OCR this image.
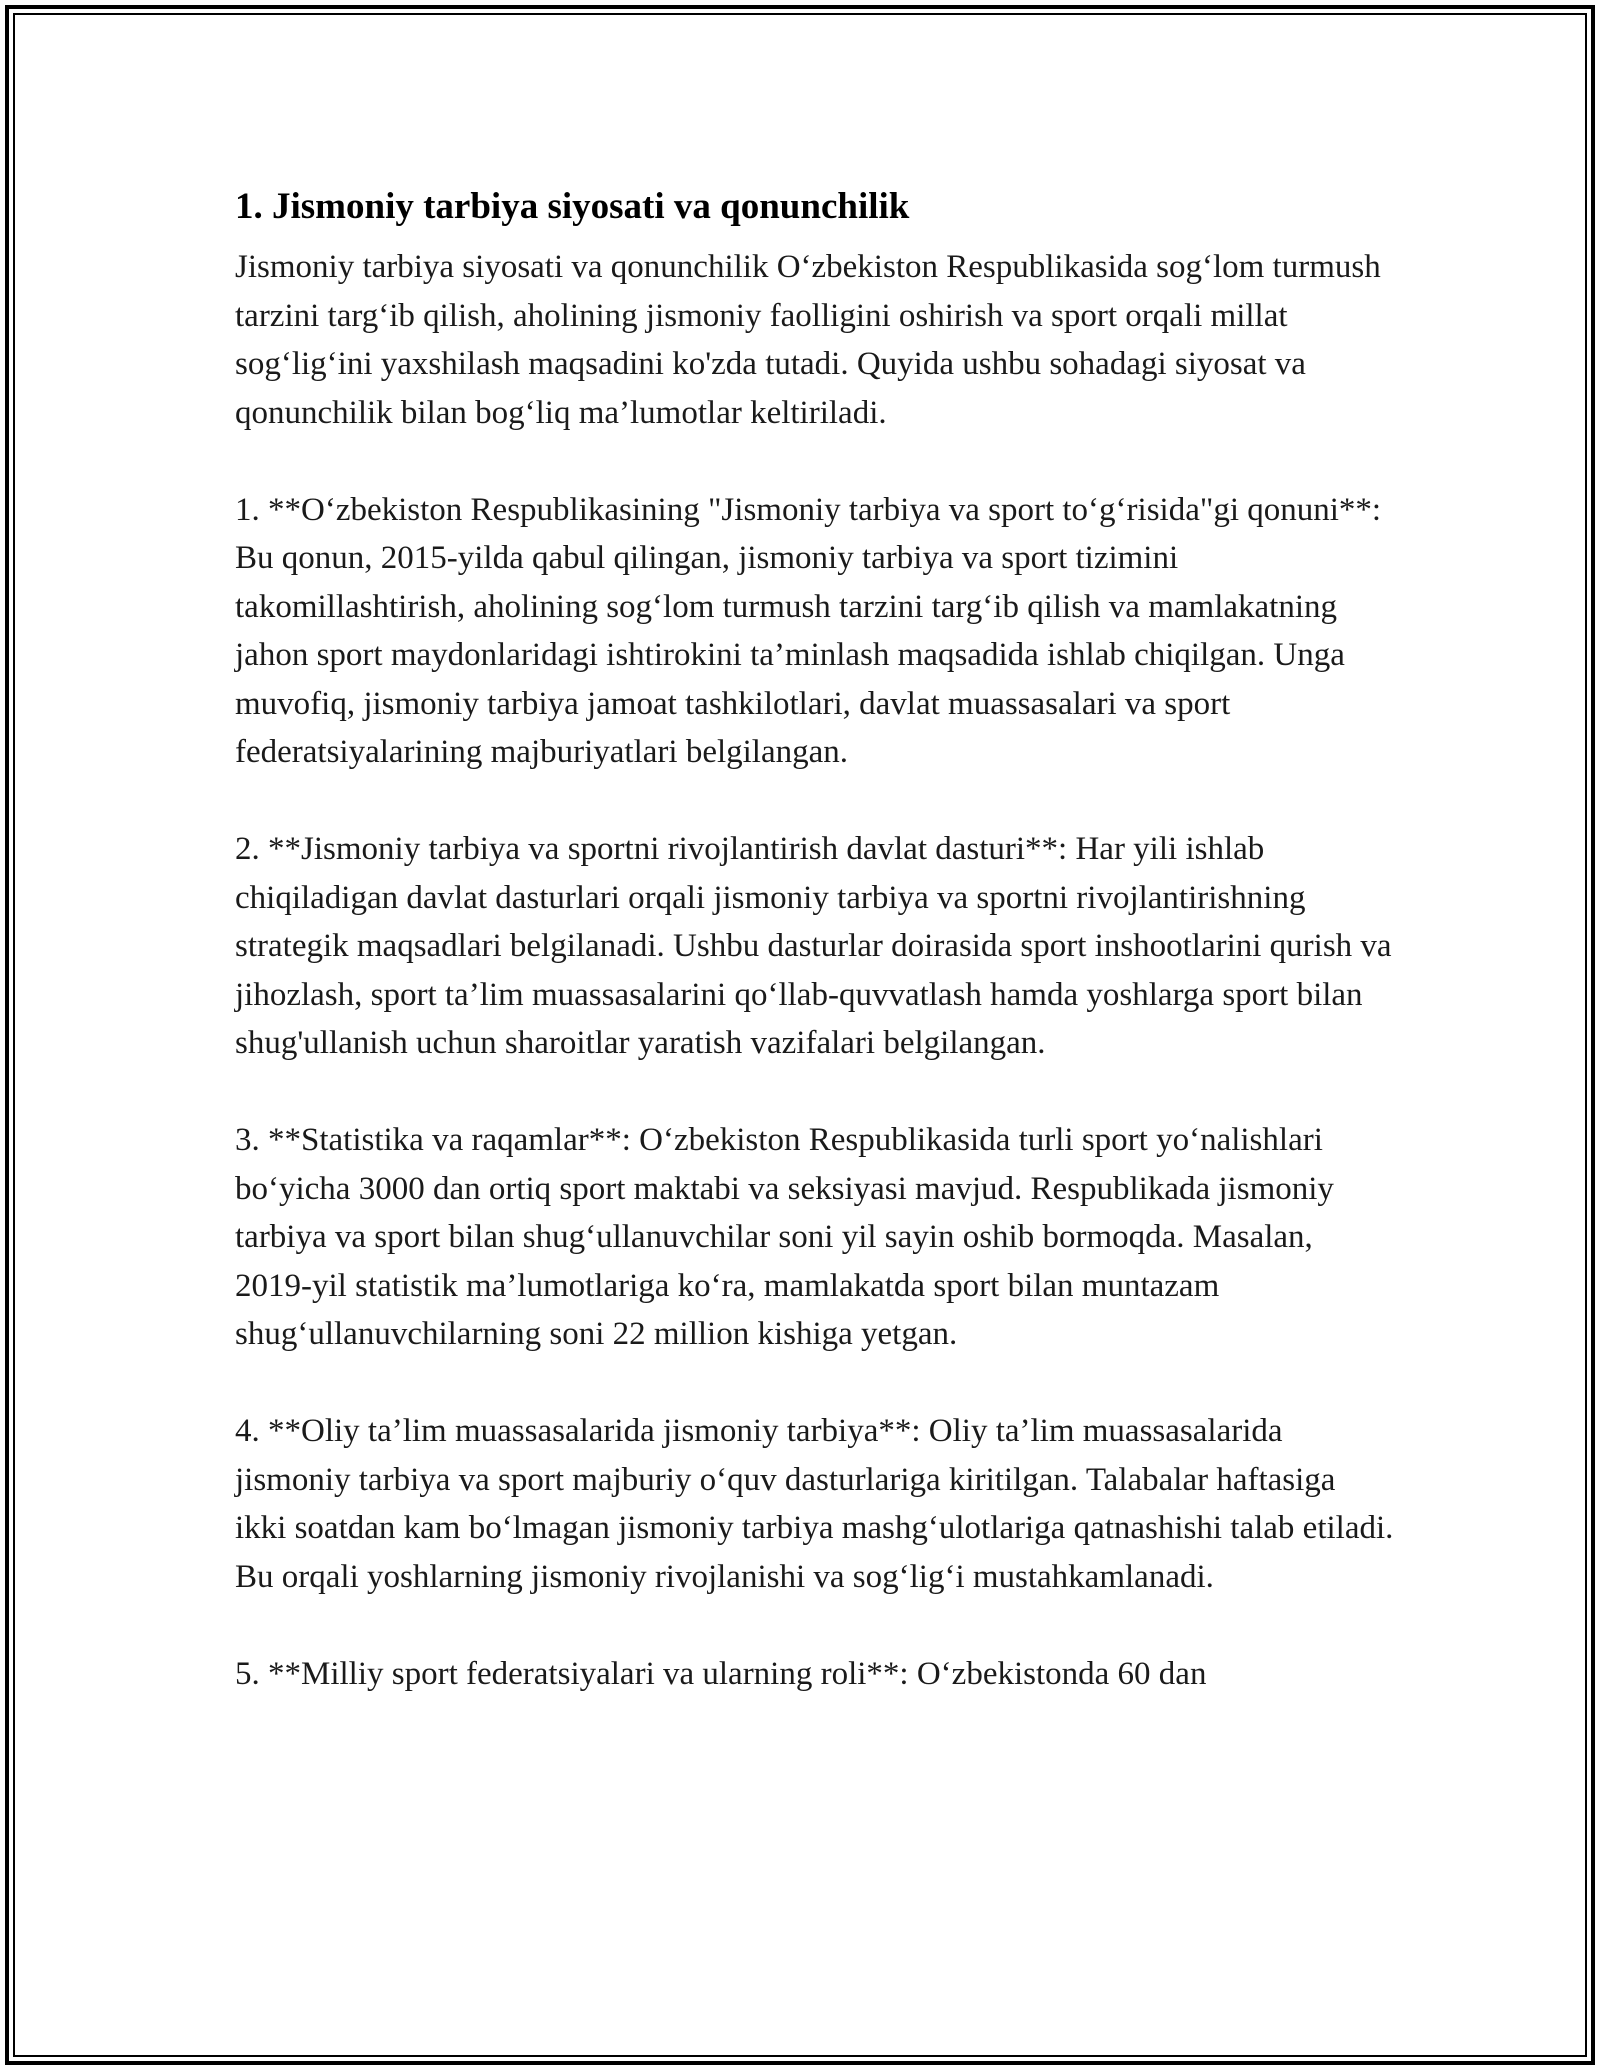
1. Jismoniy tarbiya siyosati va qonunchilik

Jismoniy tarbiya siyosati va qonunchilik O‘zbekiston Respublikasida sog‘lom turmush tarzini targ‘ib qilish, aholining jismoniy faolligini oshirish va sport orqali millat sog‘lig‘ini yaxshilash maqsadini ko'zda tutadi. Quyida ushbu sohadagi siyosat va qonunchilik bilan bog‘liq ma’lumotlar keltiriladi.

1. **O‘zbekiston Respublikasining "Jismoniy tarbiya va sport to‘g‘risida"gi qonuni**: Bu qonun, 2015-yilda qabul qilingan, jismoniy tarbiya va sport tizimini takomillashtirish, aholining sog‘lom turmush tarzini targ‘ib qilish va mamlakatning jahon sport maydonlaridagi ishtirokini ta’minlash maqsadida ishlab chiqilgan. Unga muvofiq, jismoniy tarbiya jamoat tashkilotlari, davlat muassasalari va sport federatsiyalarining majburiyatlari belgilangan.

2. **Jismoniy tarbiya va sportni rivojlantirish davlat dasturi**: Har yili ishlab chiqiladigan davlat dasturlari orqali jismoniy tarbiya va sportni rivojlantirishning strategik maqsadlari belgilanadi. Ushbu dasturlar doirasida sport inshootlarini qurish va jihozlash, sport ta’lim muassasalarini qo‘llab-quvvatlash hamda yoshlarga sport bilan shug'ullanish uchun sharoitlar yaratish vazifalari belgilangan.

3. **Statistika va raqamlar**: O‘zbekiston Respublikasida turli sport yo‘nalishlari bo‘yicha 3000 dan ortiq sport maktabi va seksiyasi mavjud. Respublikada jismoniy tarbiya va sport bilan shug‘ullanuvchilar soni yil sayin oshib bormoqda. Masalan, 2019-yil statistik ma’lumotlariga ko‘ra, mamlakatda sport bilan muntazam shug‘ullanuvchilarning soni 22 million kishiga yetgan.

4. **Oliy ta’lim muassasalarida jismoniy tarbiya**: Oliy ta’lim muassasalarida jismoniy tarbiya va sport majburiy o‘quv dasturlariga kiritilgan. Talabalar haftasiga ikki soatdan kam bo‘lmagan jismoniy tarbiya mashg‘ulotlariga qatnashishi talab etiladi. Bu orqali yoshlarning jismoniy rivojlanishi va sog‘lig‘i mustahkamlanadi.

5. **Milliy sport federatsiyalari va ularning roli**: O‘zbekistonda 60 dan
